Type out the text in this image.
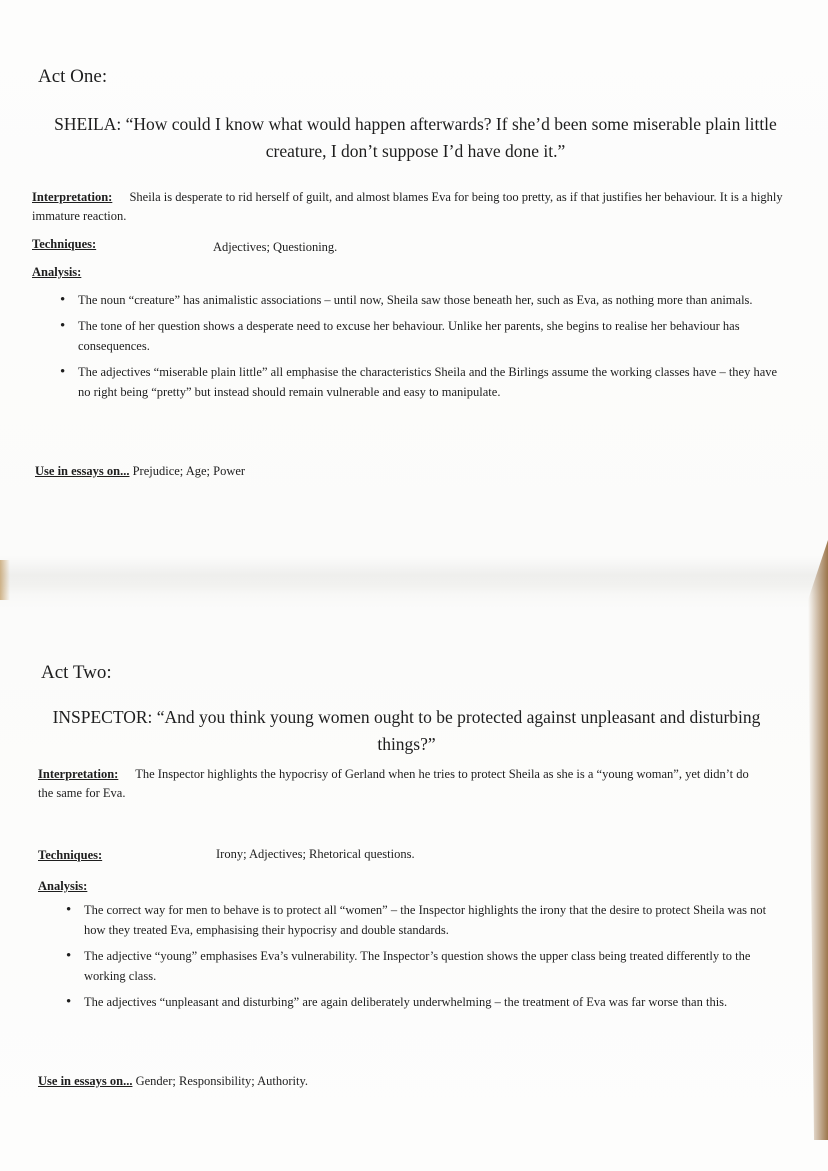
Act One:
SHEILA: “How could I know what would happen afterwards? If she’d been some miserable plain little creature, I don’t suppose I’d have done it.”
Interpretation: Sheila is desperate to rid herself of guilt, and almost blames Eva for being too pretty, as if that justifies her behaviour. It is a highly immature reaction.
Techniques:	Adjectives; Questioning.
Analysis:
• The noun “creature” has animalistic associations – until now, Sheila saw those beneath her, such as Eva, as nothing more than animals.
• The tone of her question shows a desperate need to excuse her behaviour. Unlike her parents, she begins to realise her behaviour has consequences.
• The adjectives “miserable plain little” all emphasise the characteristics Sheila and the Birlings assume the working classes have – they have no right being “pretty” but instead should remain vulnerable and easy to manipulate.
Use in essays on... Prejudice; Age; Power
Act Two:
INSPECTOR: “And you think young women ought to be protected against unpleasant and disturbing things?”
Interpretation: The Inspector highlights the hypocrisy of Gerland when he tries to protect Sheila as she is a “young woman”, yet didn’t do the same for Eva.
Techniques:	Irony; Adjectives; Rhetorical questions.
Analysis:
• The correct way for men to behave is to protect all “women” – the Inspector highlights the irony that the desire to protect Sheila was not how they treated Eva, emphasising their hypocrisy and double standards.
• The adjective “young” emphasises Eva’s vulnerability. The Inspector’s question shows the upper class being treated differently to the working class.
• The adjectives “unpleasant and disturbing” are again deliberately underwhelming – the treatment of Eva was far worse than this.
Use in essays on... Gender; Responsibility; Authority.
